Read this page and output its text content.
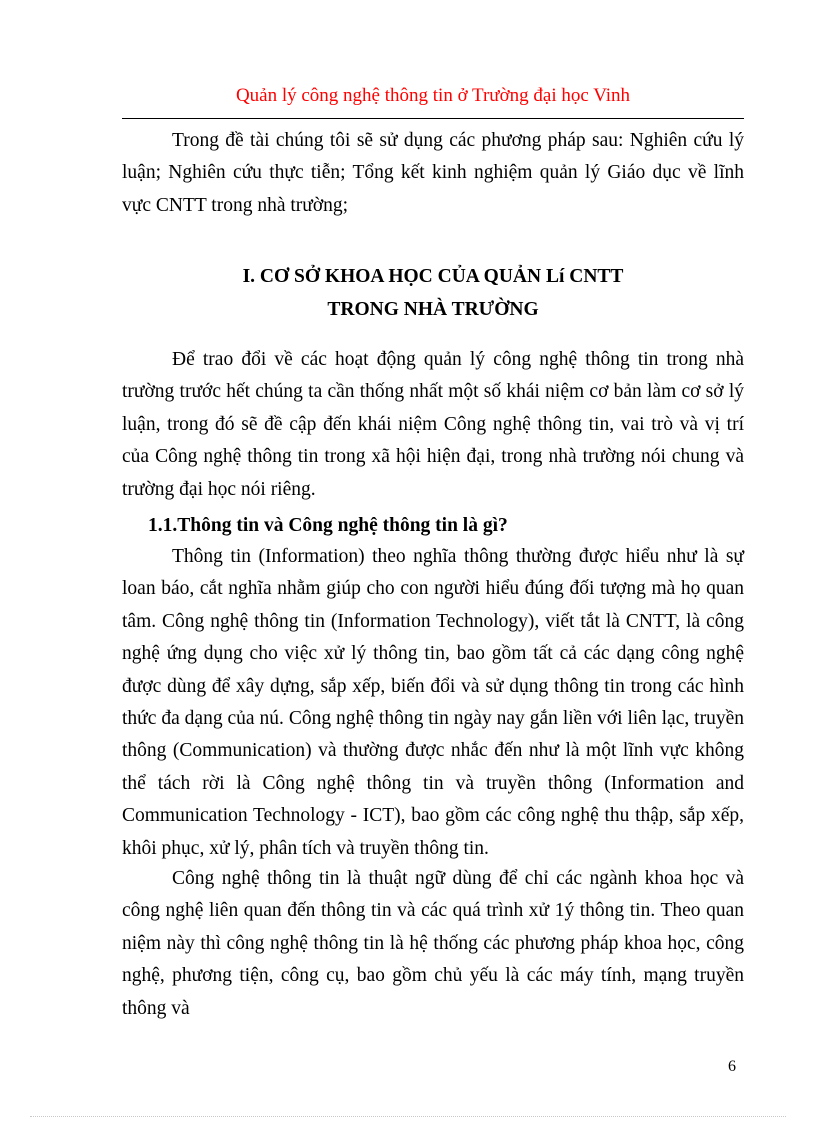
Quản lý công nghệ thông tin ở Trường đại học Vinh

Trong đề tài chúng tôi sẽ sử dụng các phương pháp sau: Nghiên cứu lý luận; Nghiên cứu thực tiễn; Tổng kết kinh nghiệm quản lý Giáo dục về lĩnh vực CNTT trong nhà trường;

I. CƠ SỞ KHOA HỌC CỦA QUẢN Lí CNTT

TRONG NHÀ TRƯỜNG

Để trao đổi về các hoạt động quản lý công nghệ thông tin trong nhà trường trước hết chúng ta cần thống nhất một số khái niệm cơ bản làm cơ sở lý luận, trong đó sẽ đề cập đến khái niệm Công nghệ thông tin, vai trò và vị trí của Công nghệ thông tin trong xã hội hiện đại, trong nhà trường nói chung và trường đại học nói riêng.

1.1.Thông tin và Công nghệ thông tin là gì?

Thông tin (Information) theo nghĩa thông thường được hiểu như là sự loan báo, cắt nghĩa nhằm giúp cho con người hiểu đúng đối tượng mà họ quan tâm. Công nghệ thông tin (Information Technology), viết tắt là CNTT, là công nghệ ứng dụng cho việc xử lý thông tin, bao gồm tất cả các dạng công nghệ được dùng để xây dựng, sắp xếp, biến đổi và sử dụng thông tin trong các hình thức đa dạng của nú. Công nghệ thông tin ngày nay gắn liền với liên lạc, truyền thông (Communication) và thường được nhắc đến như là một lĩnh vực không thể tách rời là Công nghệ thông tin và truyền thông (Information and Communication Technology - ICT), bao gồm các công nghệ thu thập, sắp xếp, khôi phục, xử lý, phân tích và truyền thông tin.

Công nghệ thông tin là thuật ngữ dùng để chỉ các ngành khoa học và công nghệ liên quan đến thông tin và các quá trình xử 1ý thông tin. Theo quan niệm này thì công nghệ thông tin là hệ thống các phương pháp khoa học, công nghệ, phương tiện, công cụ, bao gồm chủ yếu là các máy tính, mạng truyền thông và

6
